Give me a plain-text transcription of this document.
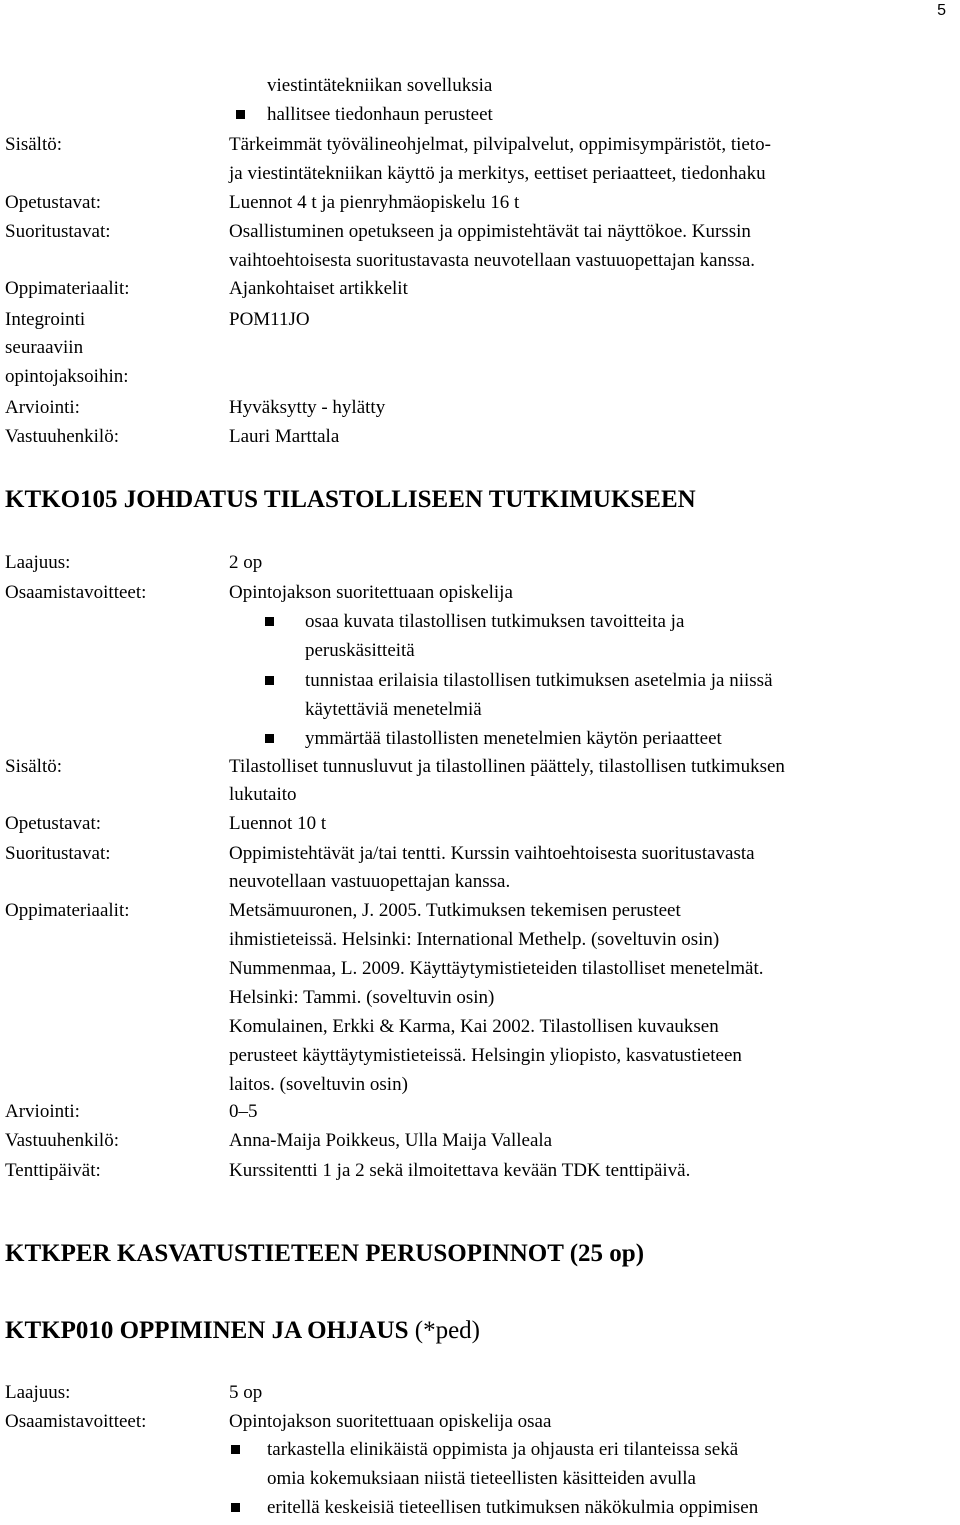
5
viestintätekniikan sovelluksia
hallitsee tiedonhaun perusteet
Sisältö:	Tärkeimmät työvälineohjelmat, pilvipalvelut, oppimisympäristöt, tieto-
ja viestintätekniikan käyttö ja merkitys, eettiset periaatteet, tiedonhaku
Opetustavat:	Luennot 4 t ja pienryhmäopiskelu 16 t
Suoritustavat:	Osallistuminen opetukseen ja oppimistehtävät tai näyttökoe. Kurssin
vaihtoehtoisesta suoritustavasta neuvotellaan vastuuopettajan kanssa.
Oppimateriaalit:	Ajankohtaiset artikkelit
Integrointi	POM11JO
seuraaviin
opintojaksoihin:
Arviointi:	Hyväksytty - hylätty
Vastuuhenkilö:	Lauri Marttala
KTKO105 JOHDATUS TILASTOLLISEEN TUTKIMUKSEEN
Laajuus:	2 op
Osaamistavoitteet:	Opintojakson suoritettuaan opiskelija
osaa kuvata tilastollisen tutkimuksen tavoitteita ja
peruskäsitteitä
tunnistaa erilaisia tilastollisen tutkimuksen asetelmia ja niissä
käytettäviä menetelmiä
ymmärtää tilastollisten menetelmien käytön periaatteet
Sisältö:	Tilastolliset tunnusluvut ja tilastollinen päättely, tilastollisen tutkimuksen
lukutaito
Opetustavat:	Luennot 10 t
Suoritustavat:	Oppimistehtävät ja/tai tentti. Kurssin vaihtoehtoisesta suoritustavasta
neuvotellaan vastuuopettajan kanssa.
Oppimateriaalit:	Metsämuuronen, J. 2005. Tutkimuksen tekemisen perusteet
ihmistieteissä. Helsinki: International Methelp. (soveltuvin osin)
Nummenmaa, L. 2009. Käyttäytymistieteiden tilastolliset menetelmät.
Helsinki: Tammi. (soveltuvin osin)
Komulainen, Erkki & Karma, Kai 2002. Tilastollisen kuvauksen
perusteet käyttäytymistieteissä. Helsingin yliopisto, kasvatustieteen
laitos. (soveltuvin osin)
Arviointi:	0–5
Vastuuhenkilö:	Anna-Maija Poikkeus, Ulla Maija Valleala
Tenttipäivät:	Kurssitentti 1 ja 2 sekä ilmoitettava kevään TDK tenttipäivä.
KTKPER KASVATUSTIETEEN PERUSOPINNOT (25 op)
KTKP010 OPPIMINEN JA OHJAUS (*ped)
Laajuus:	5 op
Osaamistavoitteet:	Opintojakson suoritettuaan opiskelija osaa
tarkastella elinikäistä oppimista ja ohjausta eri tilanteissa sekä
omia kokemuksiaan niistä tieteellisten käsitteiden avulla
eritellä keskeisiä tieteellisen tutkimuksen näkökulmia oppimisen
